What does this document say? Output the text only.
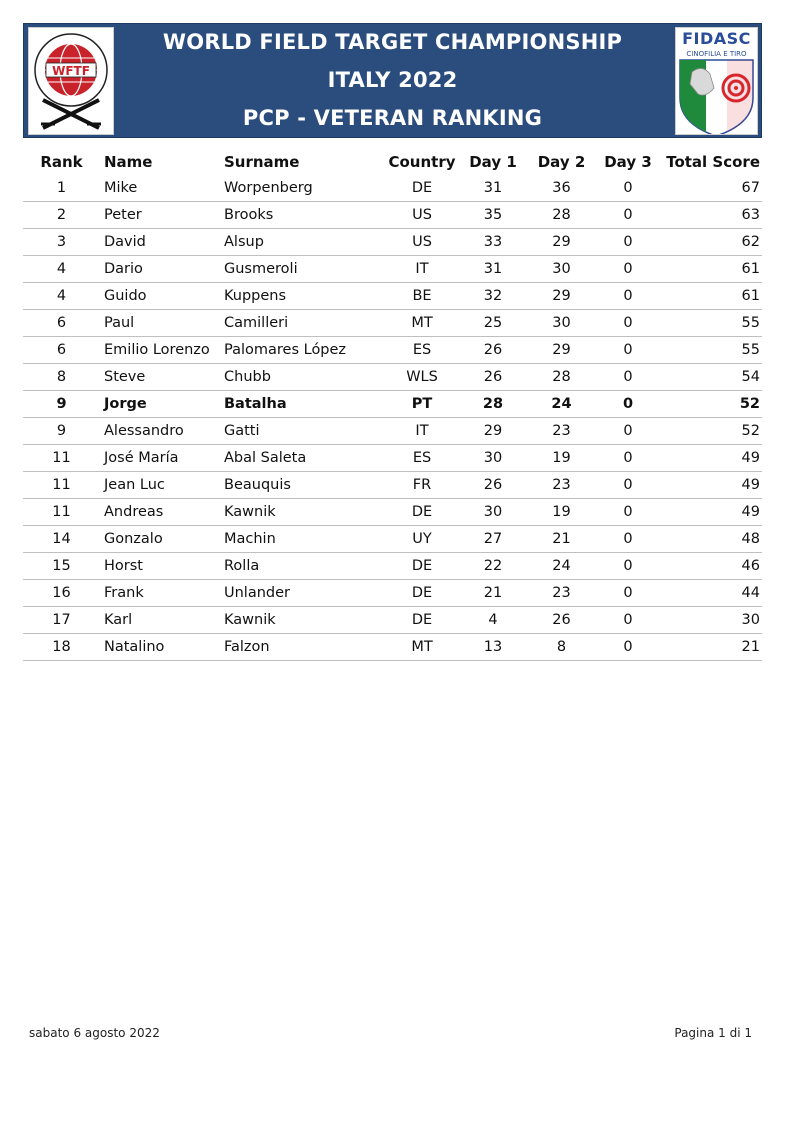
WORLD FIELD TARGET CHAMPIONSHIP
ITALY 2022
PCP - VETERAN RANKING
WFTF
FIDASC
CINOFILIA E TIRO
Rank	Name	Surname	Country	Day 1	Day 2	Day 3	Total Score
1	Mike	Worpenberg	DE	31	36	0	67
2	Peter	Brooks	US	35	28	0	63
3	David	Alsup	US	33	29	0	62
4	Dario	Gusmeroli	IT	31	30	0	61
4	Guido	Kuppens	BE	32	29	0	61
6	Paul	Camilleri	MT	25	30	0	55
6	Emilio Lorenzo	Palomares López	ES	26	29	0	55
8	Steve	Chubb	WLS	26	28	0	54
9	Jorge	Batalha	PT	28	24	0	52
9	Alessandro	Gatti	IT	29	23	0	52
11	José María	Abal Saleta	ES	30	19	0	49
11	Jean Luc	Beauquis	FR	26	23	0	49
11	Andreas	Kawnik	DE	30	19	0	49
14	Gonzalo	Machin	UY	27	21	0	48
15	Horst	Rolla	DE	22	24	0	46
16	Frank	Unlander	DE	21	23	0	44
17	Karl	Kawnik	DE	4	26	0	30
18	Natalino	Falzon	MT	13	8	0	21
sabato 6 agosto 2022	Pagina 1 di 1
